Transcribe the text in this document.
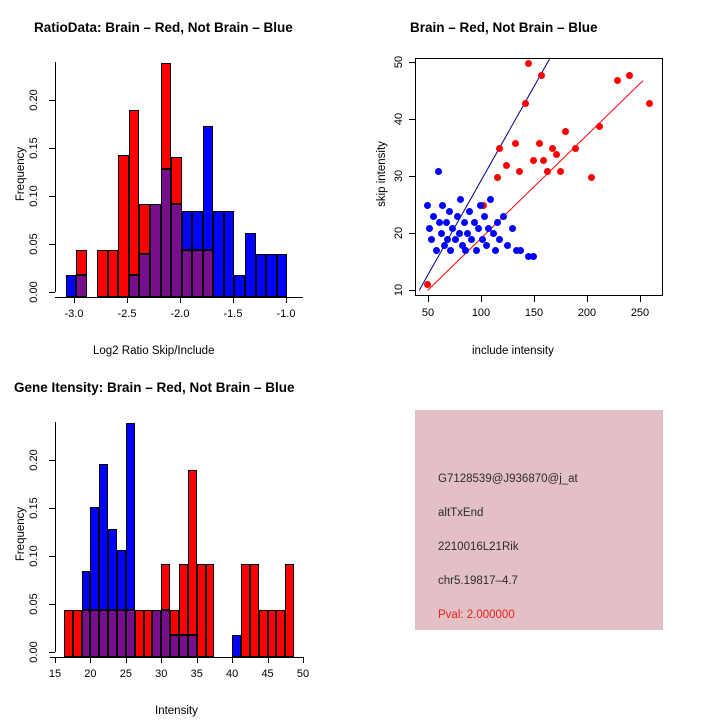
RatioData: Brain – Red, Not Brain – Blue
Frequency
Log2 Ratio Skip/Include
0.00
0.05
0.10
0.15
0.20
-3.0	-2.5	-2.0	-1.5	-1.0
Brain – Red, Not Brain – Blue
skip intensity
include intensity
50
40
30
20
10
50	100	150	200	250
Gene Itensity: Brain – Red, Not Brain – Blue
Frequency
Intensity
0.00
0.05
0.10
0.15
0.20
15	20	25	30	35	40	45	50
G7128539@J936870@j_at
altTxEnd
2210016L21Rik
chr5.19817–4.7
Pval: 2.000000
